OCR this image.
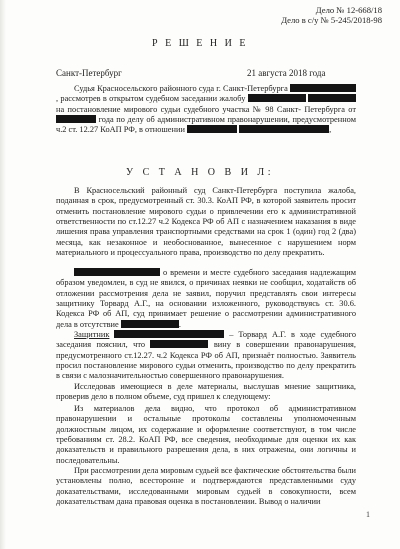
Дело № 12-668/18
Дело в с/у № 5-245/2018-98
Р Е Ш Е Н И Е
Санкт-Петербург	21 августа 2018 года
Судья Красносельского районного суда г. Санкт-Петербурга , рассмотрев в открытом судебном заседании жалобу   на постановление мирового судьи судебного участка № 98 Санкт- Петербурга от  года по делу об административном правонарушении, предусмотренном ч.2 ст. 12.27 КоАП РФ, в отношении	,
У С Т А Н О В И Л:
В Красносельский районный суд Санкт-Петербурга поступила жалоба, поданная в срок, предусмотренный ст. 30.3. КоАП РФ, в которой заявитель просит отменить постановление мирового судьи о привлечении его к административной ответственности по ст.12.27 ч.2 Кодекса РФ об АП с назначением наказания в виде лишения права управления транспортными средствами на срок 1 (один) год 2 (два) месяца, как незаконное и необоснованное, вынесенное с нарушением норм материального и процессуального права, производство по делу прекратить.
о времени и месте судебного заседания надлежащим образом уведомлен, в суд не явился, о причинах неявки не сообщил, ходатайств об отложении рассмотрения дела не заявил, поручил представлять свои интересы защитнику Торвард А.Г., на основании изложенного, руководствуясь ст. 30.6. Кодекса РФ об АП, суд принимает решение о рассмотрении административного дела в отсутствие	.
Защитник	– Торвард А.Г. в ходе судебного заседания пояснил, что	вину в совершении правонарушения, предусмотренного ст.12.27. ч.2 Кодекса РФ об АП, признаёт полностью. Заявитель просил постановление мирового судьи отменить, производство по делу прекратить в связи с малозначительностью совершенного правонарушения.
Исследовав имеющиеся в деле материалы, выслушав мнение защитника, проверив дело в полном объеме, суд пришел к следующему:
Из материалов дела видно, что протокол об административном правонарушении и остальные протоколы составлены уполномоченным должностным лицом, их содержание и оформление соответствуют, в том числе требованиям ст. 28.2. КоАП РФ, все сведения, необходимые для оценки их как доказательств и правильного разрешения дела, в них отражены, они логичны и последовательны.
При рассмотрении дела мировым судьей все фактические обстоятельства были установлены полно, всесторонне и подтверждаются представленными суду доказательствами, исследованными мировым судьей в совокупности, всем доказательствам дана правовая оценка в постановлении. Вывод о наличии
1
